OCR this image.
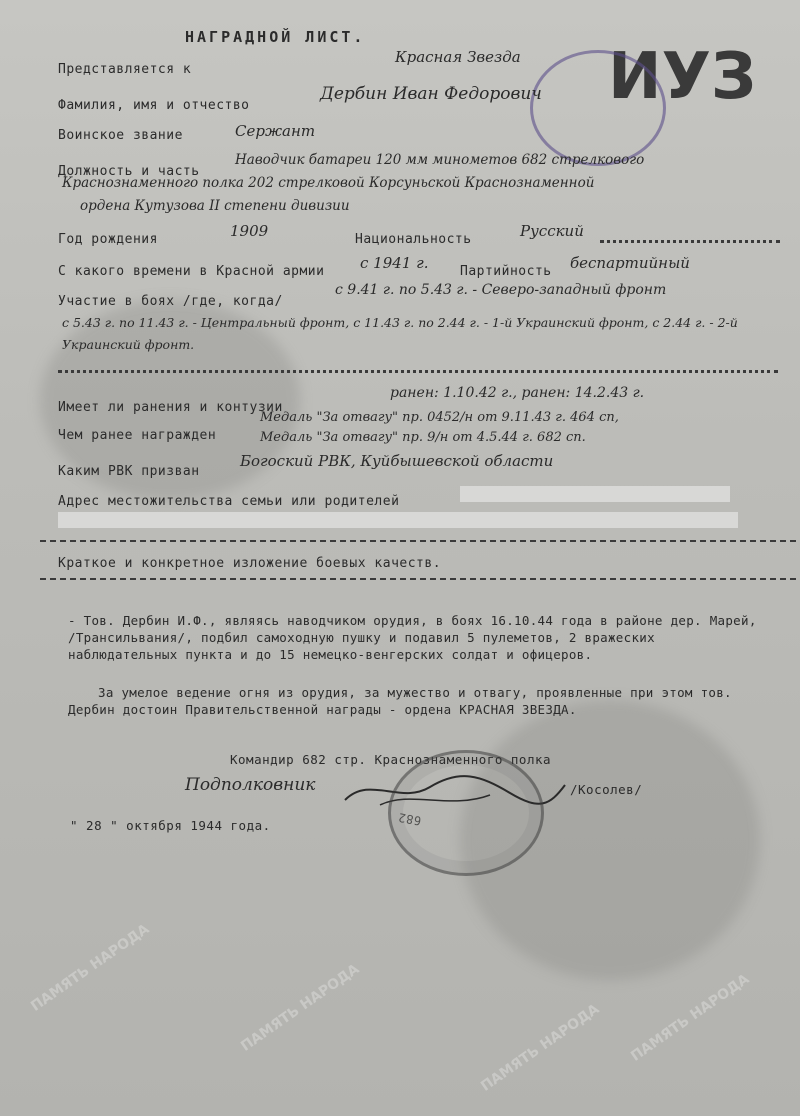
НАГРАДНОЙ ЛИСТ.
ИУЗ
Представляется к
Красная Звезда
Фамилия, имя и отчество
Дербин Иван Федорович
Воинское звание	Сержант
Должность и часть
Наводчик батареи 120 мм минометов 682 стрелкового
Краснознаменного полка 202 стрелковой Корсуньской Краснознаменной
ордена Кутузова II степени дивизии
Год рождения	1909	Национальность	Русский
С какого времени в Красной армии с 1941 г. Партийность беспартийный
Участие в боях /где, когда/
с 9.41 г. по 5.43 г. - Северо-западный фронт
с 5.43 г. по 11.43 г. - Центральный фронт, с 11.43 г. по 2.44 г. - 1-й Украинский фронт, с 2.44 г. - 2-й Украинский фронт.
Имеет ли ранения и контузии
ранен: 1.10.42 г., ранен: 14.2.43 г.
Чем ранее награжден
Медаль "За отвагу" пр. 0452/н от 9.11.43 г. 464 сп,
Медаль "За отвагу" пр. 9/н от 4.5.44 г. 682 сп.
Каким РВК призван
Богоский РВК, Куйбышевской области
Адрес местожительства семьи или родителей
Краткое и конкретное изложение боевых качеств.
- Тов. Дербин И.Ф., являясь наводчиком орудия, в боях 16.10.44 года в районе дер. Марей, /Трансильвания/, подбил самоходную пушку и подавил 5 пулеметов, 2 вражеских наблюдательных пункта и до 15 немецко-венгерских солдат и офицеров.
За умелое ведение огня из орудия, за мужество и отвагу, проявленные при этом тов. Дербин достоин Правительственной награды - ордена КРАСНАЯ ЗВЕЗДА.
Командир 682 стр. Краснознаменного полка
Подполковник	/Косолев/
" 28 " октября 1944 года.	682
ПАМЯТЬ НАРОДА	ПАМЯТЬ НАРОДА	ПАМЯТЬ НАРОДА ПАМЯТЬ НАРОДА
